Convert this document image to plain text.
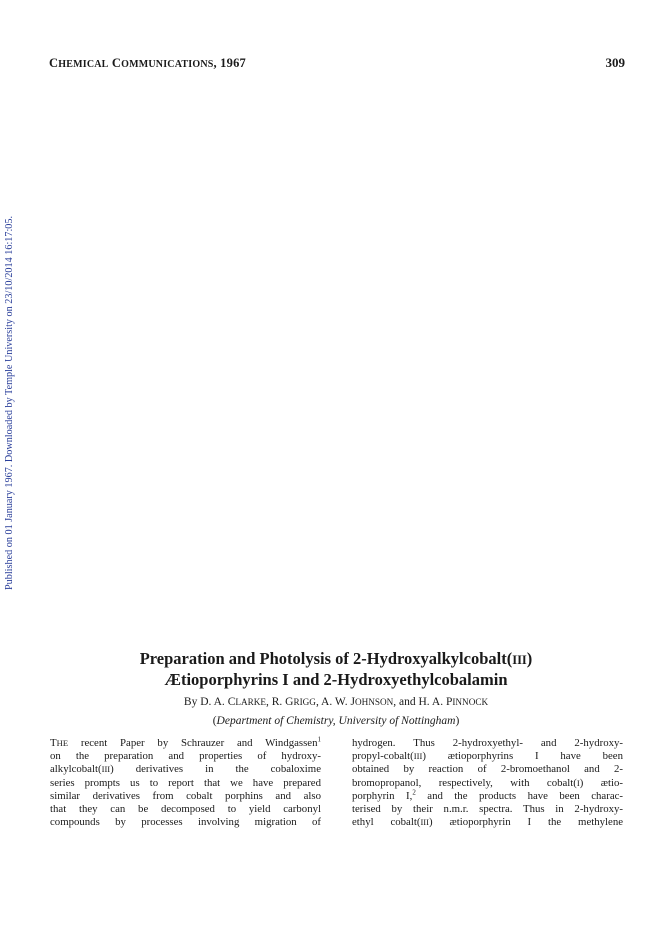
CHEMICAL COMMUNICATIONS, 1967	309
Published on 01 January 1967. Downloaded by Temple University on 23/10/2014 16:17:05.
Preparation and Photolysis of 2-Hydroxyalkylcobalt(III)
Ætioporphyrins I and 2-Hydroxyethylcobalamin
By D. A. CLARKE, R. GRIGG, A. W. JOHNSON, and H. A. PINNOCK
(Department of Chemistry, University of Nottingham)
THE recent Paper by Schrauzer and Windgassen$^1$
on the preparation and properties of hydroxy-
alkylcobalt(III) derivatives in the cobaloxime
series prompts us to report that we have prepared
similar derivatives from cobalt porphins and also
that they can be decomposed to yield carbonyl
compounds by processes involving migration of
hydrogen. Thus 2-hydroxyethyl- and 2-hydroxy-
propyl-cobalt(III) ætioporphyrins I have been
obtained by reaction of 2-bromoethanol and 2-
bromopropanol, respectively, with cobalt(I) ætio-
porphyrin I,$^2$ and the products have been charac-
terised by their n.m.r. spectra. Thus in 2-hydroxy-
ethyl cobalt(III) ætioporphyrin I the methylene
